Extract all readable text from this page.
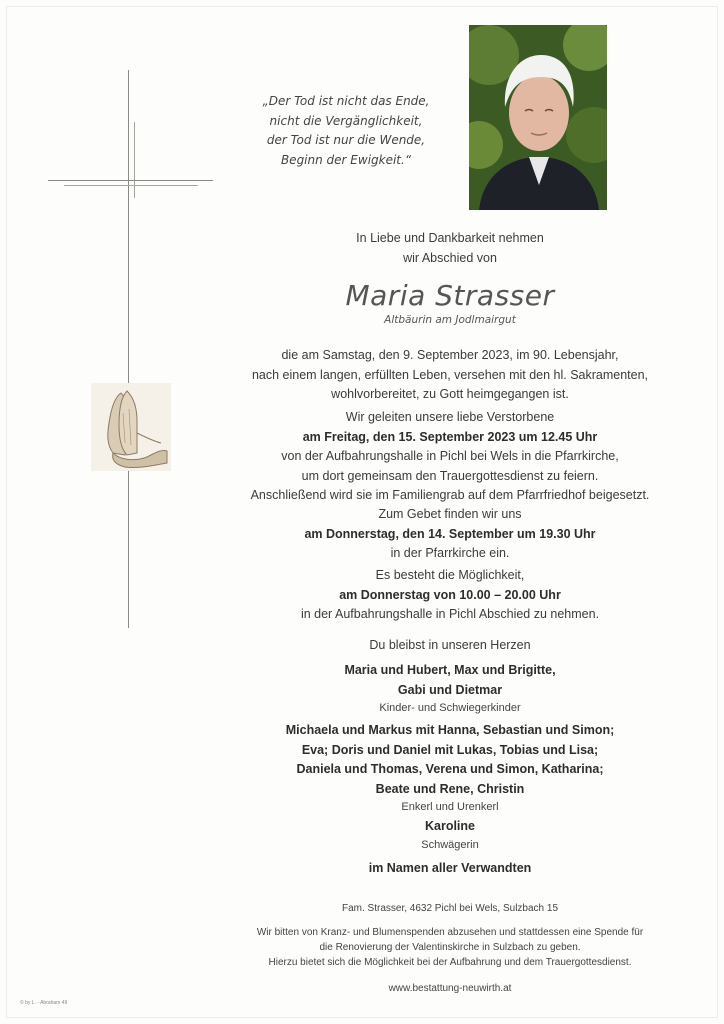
„Der Tod ist nicht das Ende,
nicht die Vergänglichkeit,
der Tod ist nur die Wende,
Beginn der Ewigkeit.“
In Liebe und Dankbarkeit nehmen
wir Abschied von
Maria Strasser
Altbäurin am Jodlmairgut
die am Samstag, den 9. September 2023, im 90. Lebensjahr,
nach einem langen, erfüllten Leben, versehen mit den hl. Sakramenten,
wohlvorbereitet, zu Gott heimgegangen ist.
Wir geleiten unsere liebe Verstorbene
am Freitag, den 15. September 2023 um 12.45 Uhr
von der Aufbahrungshalle in Pichl bei Wels in die Pfarrkirche,
um dort gemeinsam den Trauergottesdienst zu feiern.
Anschließend wird sie im Familiengrab auf dem Pfarrfriedhof beigesetzt.
Zum Gebet finden wir uns
am Donnerstag, den 14. September um 19.30 Uhr
in der Pfarrkirche ein.
Es besteht die Möglichkeit,
am Donnerstag von 10.00 – 20.00 Uhr
in der Aufbahrungshalle in Pichl Abschied zu nehmen.
Du bleibst in unseren Herzen
Maria und Hubert, Max und Brigitte,
Gabi und Dietmar
Kinder- und Schwiegerkinder
Michaela und Markus mit Hanna, Sebastian und Simon;
Eva; Doris und Daniel mit Lukas, Tobias und Lisa;
Daniela und Thomas, Verena und Simon, Katharina;
Beate und Rene, Christin
Enkerl und Urenkerl
Karoline
Schwägerin
im Namen aller Verwandten
Fam. Strasser, 4632 Pichl bei Wels, Sulzbach 15
Wir bitten von Kranz- und Blumenspenden abzusehen und stattdessen eine Spende für
die Renovierung der Valentinskirche in Sulzbach zu geben.
Hierzu bietet sich die Möglichkeit bei der Aufbahrung und dem Trauergottesdienst.
www.bestattung-neuwirth.at
© by L. - Abraham 49
